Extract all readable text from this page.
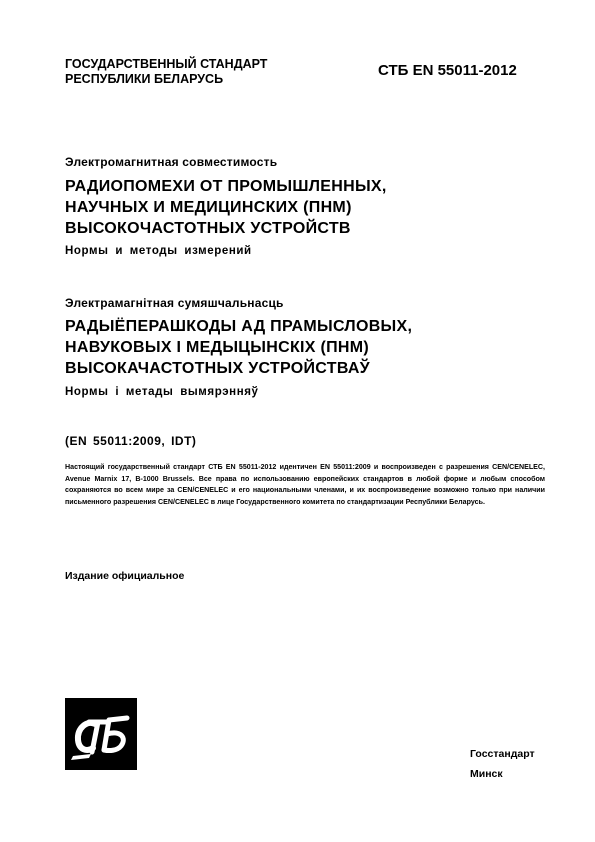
ГОСУДАРСТВЕННЫЙ СТАНДАРТ
РЕСПУБЛИКИ БЕЛАРУСЬ	СТБ EN 55011-2012
Электромагнитная совместимость
РАДИОПОМЕХИ ОТ ПРОМЫШЛЕННЫХ,
НАУЧНЫХ И МЕДИЦИНСКИХ (ПНМ)
ВЫСОКОЧАСТОТНЫХ УСТРОЙСТВ
Нормы и методы измерений
Электрамагнітная сумяшчальнасць
РАДЫЁПЕРАШКОДЫ АД ПРАМЫСЛОВЫХ,
НАВУКОВЫХ І МЕДЫЦЫНСКІХ (ПНМ)
ВЫСОКАЧАСТОТНЫХ УСТРОЙСТВАЎ
Нормы і метады вымярэнняў
(EN 55011:2009, IDT)
Настоящий государственный стандарт СТБ EN 55011-2012 идентичен EN 55011:2009 и воспроизведен с разрешения CEN/CENELEC, Avenue Marnix 17, B-1000 Brussels. Все права по использованию европейских стандартов в любой форме и любым способом сохраняются во всем мире за CEN/CENELEC и его национальными членами, и их воспроизведение возможно только при наличии письменного разрешения CEN/CENELEC в лице Государственного комитета по стандартизации Республики Беларусь.
Издание официальное
Госстандарт
Минск
